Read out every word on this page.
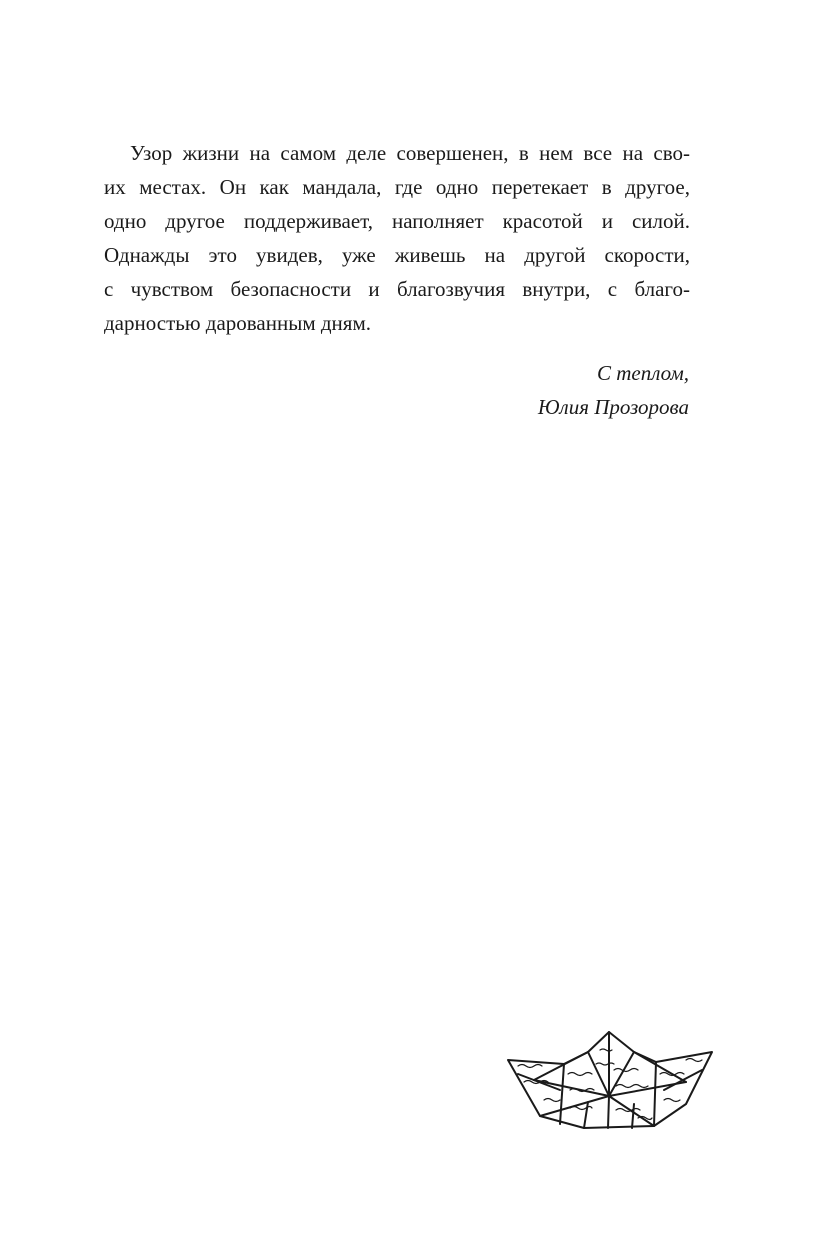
Узор жизни на самом деле совершенен, в нем все на сво-
их местах. Он как мандала, где одно перетекает в другое,
одно другое поддерживает, наполняет красотой и силой.
Однажды это увидев, уже живешь на другой скорости,
с чувством безопасности и благозвучия внутри, с благо-
дарностью дарованным дням.
С теплом,
Юлия Прозорова
